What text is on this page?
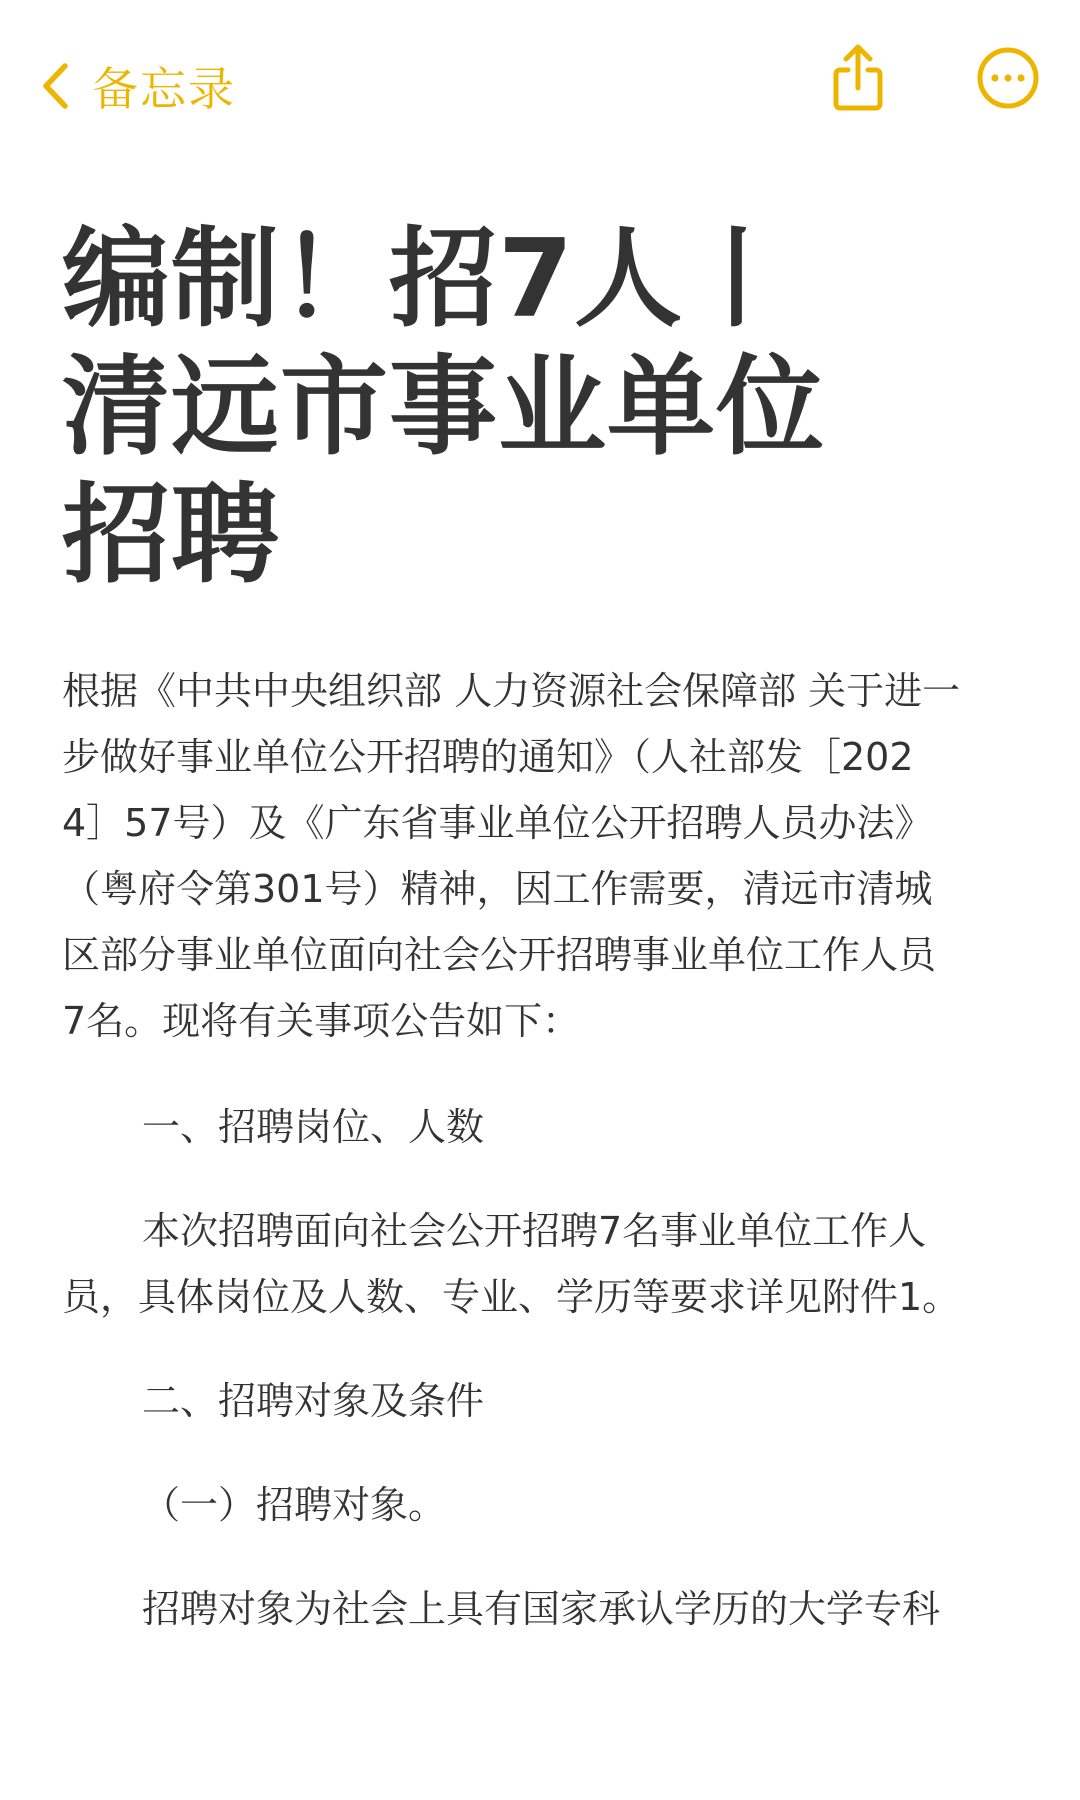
备忘录
编制！招7人丨
清远市事业单位
招聘

根据《中共中央组织部 人力资源社会保障部 关于进一
步做好事业单位公开招聘的通知》（人社部发［202
4］57号）及《广东省事业单位公开招聘人员办法》
（粤府令第301号）精神，因工作需要，清远市清城
区部分事业单位面向社会公开招聘事业单位工作人员
7名。现将有关事项公告如下：

一、招聘岗位、人数

本次招聘面向社会公开招聘7名事业单位工作人
员，具体岗位及人数、专业、学历等要求详见附件1。

二、招聘对象及条件

（一）招聘对象。

招聘对象为社会上具有国家承认学历的大学专科
